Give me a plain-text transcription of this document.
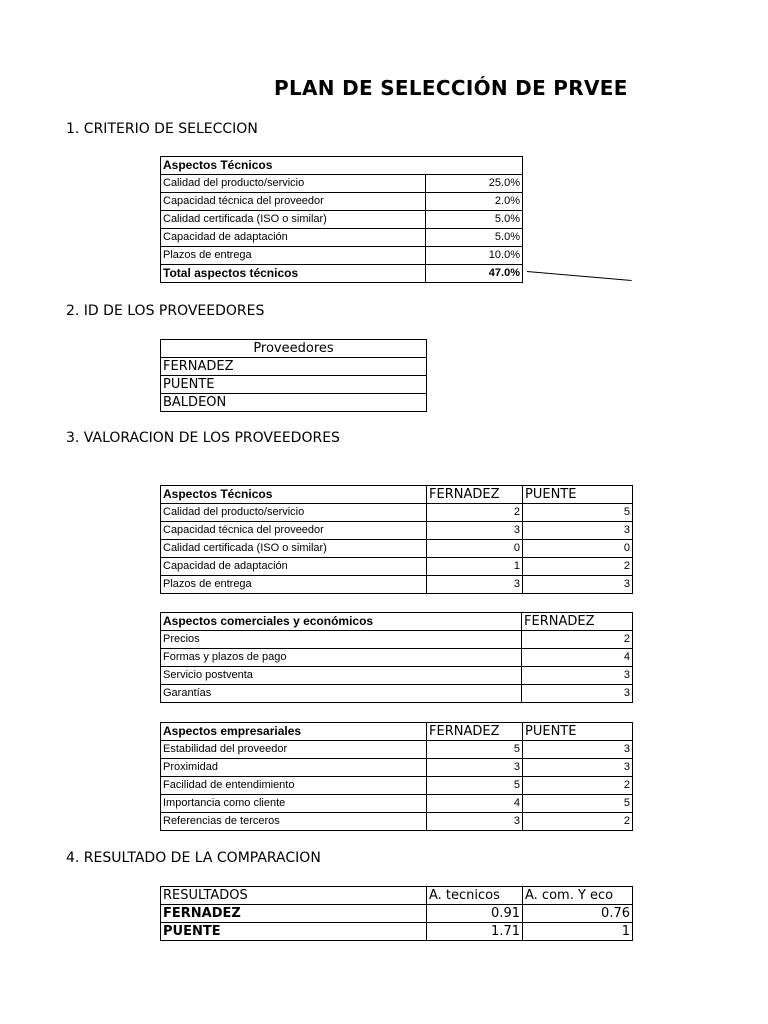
PLAN DE SELECCIÓN DE PRVEE
1. CRITERIO DE SELECCION
Aspectos Técnicos	
Calidad del producto/servicio	25.0%
Capacidad técnica del proveedor	2.0%
Calidad certificada (ISO o similar)	5.0%
Capacidad de adaptación	5.0%
Plazos de entrega	10.0%
Total aspectos técnicos	47.0%
2. ID DE LOS PROVEEDORES
Proveedores
FERNADEZ
PUENTE
BALDEON
3. VALORACION DE LOS PROVEEDORES
Aspectos Técnicos	FERNADEZ	PUENTE
Calidad del producto/servicio	2	5
Capacidad técnica del proveedor	3	3
Calidad certificada (ISO o similar)	0	0
Capacidad de adaptación	1	2
Plazos de entrega	3	3
Aspectos comerciales y económicos	FERNADEZ
Precios	2
Formas y plazos de pago	4
Servicio postventa	3
Garantías	3
Aspectos empresariales	FERNADEZ	PUENTE
Estabilidad del proveedor	5	3
Proximidad	3	3
Facilidad de entendimiento	5	2
Importancia como cliente	4	5
Referencias de terceros	3	2
4. RESULTADO DE LA COMPARACION
RESULTADOS	A. tecnicos	A. com. Y eco
FERNADEZ	0.91	0.76
PUENTE	1.71	1
